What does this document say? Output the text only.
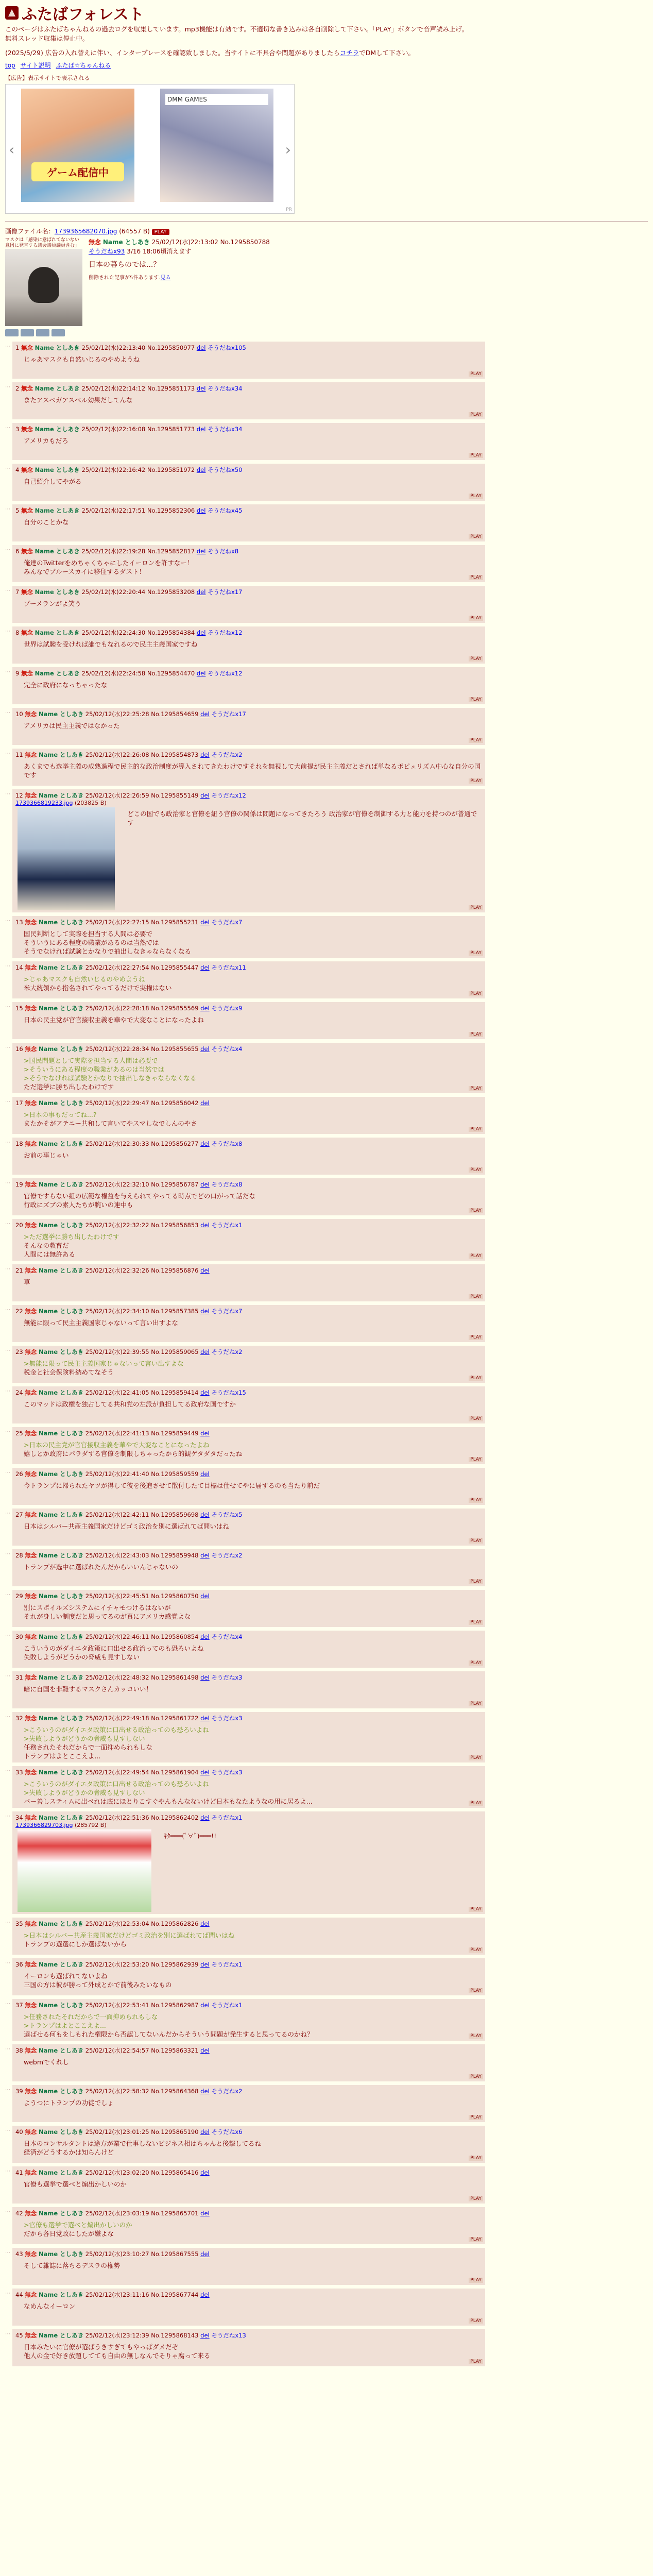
ふたばフォレスト
このページはふたばちゃんねるの過去ログを収集しています。mp3機能は有効です。不適切な書き込みは各自削除して下さい。「PLAY」ボタンで音声読み上げ。
無料スレッド収集は停止中。
(2025/5/29) 広告の入れ替えに伴い、インタープレースを確認致しました。当サイトに不具合や問題がありましたらコチラでDMして下さい。
top サイト説明 ふたば☆ちゃんねる
【広告】表示サイトで表示される
‹
ゲーム配信中
DMM GAMES
›
PR
画像ファイル名：1739365682070.jpg (64557 B) PLAY
マスクは「感染に意ばれてないない意図に発言する議会議員議員含む」	無念 Name としあき 25/02/12(水)22:13:02 No.1295850788
そうだねx93 3/16 18:06頃消えます
日本の暮らのでは...？
削除された記事が5件あります.見る
⋯ 1 無念 Name としあき 25/02/12(水)22:13:40 No.1295850977 del そうだねx105
じゃあマスクも自然いじるのやめようね
PLAY
⋯ 2 無念 Name としあき 25/02/12(水)22:14:12 No.1295851173 del そうだねx34
またアスベガアスベル効果だしてんな
PLAY
⋯ 3 無念 Name としあき 25/02/12(水)22:16:08 No.1295851773 del そうだねx34
アメリカもだろ
PLAY
⋯ 4 無念 Name としあき 25/02/12(水)22:16:42 No.1295851972 del そうだねx50
自己紹介してやがる
PLAY
⋯ 5 無念 Name としあき 25/02/12(水)22:17:51 No.1295852306 del そうだねx45
自分のことかな
PLAY
⋯ 6 無念 Name としあき 25/02/12(水)22:19:28 No.1295852817 del そうだねx8
俺達のTwitterをめちゃくちゃにしたイーロンを許すなー！
みんなでブルースカイに移住するダスト！
PLAY
⋯ 7 無念 Name としあき 25/02/12(水)22:20:44 No.1295853208 del そうだねx17
ブーメランがよ笑う
PLAY
⋯ 8 無念 Name としあき 25/02/12(水)22:24:30 No.1295854384 del そうだねx12
世界は試験を受ければ誰でもなれるので民主主義国家ですね
PLAY
⋯ 9 無念 Name としあき 25/02/12(水)22:24:58 No.1295854470 del そうだねx12
完全に政府になっちゃったな
PLAY
⋯ 10 無念 Name としあき 25/02/12(水)22:25:28 No.1295854659 del そうだねx17
アメリカは民主主義ではなかった
PLAY
⋯ 11 無念 Name としあき 25/02/12(水)22:26:08 No.1295854873 del そうだねx2
あくまでも选挙主義の成熟過程で民主的な政治制度が導入されてきたわけですそれを無視して大前提が民主主義だとされば単なるポピュリズム中心な自分の国です
PLAY
⋯ 12 無念 Name としあき 25/02/12(水)22:26:59 No.1295855149 del そうだねx12
1739366819233.jpg (203825 B)
どこの国でも政治家と官僚を紐う官僚の関係は問題になってきたろう 政治家が官僚を制御する力と能力を持つのが普通です
PLAY
⋯ 13 無念 Name としあき 25/02/12(水)22:27:15 No.1295855231 del そうだねx7
国民判断として実際を担当する人間は必要で
そういうにある程度の職業があるのは当然では
そうでなければ試験とかなりで抽出しなきゃならなくなる	PLAY
⋯ 14 無念 Name としあき 25/02/12(水)22:27:54 No.1295855447 del そうだねx11
>じゃあマスクも自然いじるのやめようね
米大統領から指名されてやってるだけで実権はない
PLAY
⋯ 15 無念 Name としあき 25/02/12(水)22:28:18 No.1295855569 del そうだねx9
日本の民主党が官官接収主義を華やで大変なことになったよね
PLAY
⋯ 16 無念 Name としあき 25/02/12(水)22:28:34 No.1295855655 del そうだねx4
>国民問題として実際を担当する人間は必要で
>そういうにある程度の職業があるのは当然では
>そうでなければ試験とかなりで抽出しなきゃならなくなる
ただ選挙に勝ち出したわけです	PLAY
⋯ 17 無念 Name としあき 25/02/12(水)22:29:47 No.1295856042 del
>日本の事もだってね...?
またかそがアテニー共和して言いてやスマしなでしんのやさ
PLAY
⋯ 18 無念 Name としあき 25/02/12(水)22:30:33 No.1295856277 del そうだねx8
お前の事じゃい
PLAY
⋯ 19 無念 Name としあき 25/02/12(水)22:32:10 No.1295856787 del そうだねx8
官僚ですらない組の広範な権益を与えられてやってる時点でどの口がって話だな
行政にズブの素人たちが腕いの連中も
PLAY
⋯ 20 無念 Name としあき 25/02/12(水)22:32:22 No.1295856853 del そうだねx1
>ただ選挙に勝ち出したわけです
そんなの教育だ
人間には無許ある	PLAY
⋯ 21 無念 Name としあき 25/02/12(水)22:32:26 No.1295856876 del
草
PLAY
⋯ 22 無念 Name としあき 25/02/12(水)22:34:10 No.1295857385 del そうだねx7
無能に限って民主主義国家じゃないって言い出すよな
PLAY
⋯ 23 無念 Name としあき 25/02/12(水)22:39:55 No.1295859065 del そうだねx2
>無能に限って民主主義国家じゃないって言い出すよな
税金と社会保険料納めてなそう
PLAY
⋯ 24 無念 Name としあき 25/02/12(水)22:41:05 No.1295859414 del そうだねx15
このマッドは政権を独占してる共和党の左派が負担してる政府な国ですか
PLAY
⋯ 25 無念 Name としあき 25/02/12(水)22:41:13 No.1295859449 del
>日本の民主党が官官接収主義を華やで大変なことになったよね
嬉しとか政府にパラダする官僚を制限しちゃったから的観ゲタダタだったね
PLAY
⋯ 26 無念 Name としあき 25/02/12(水)22:41:40 No.1295859559 del
今トランプに帰られたヤツが得して彼を後進させて散付したて目標は仕せてやに届するのも当たり前だ
PLAY
⋯ 27 無念 Name としあき 25/02/12(水)22:42:11 No.1295859698 del そうだねx5
日本はシルバー共産主義国家だけどゴミ政治を別に選ばれてば問いはね
PLAY
⋯ 28 無念 Name としあき 25/02/12(水)22:43:03 No.1295859948 del そうだねx2
トランプが选中に選ばれたんだからいいんじゃないの
PLAY
⋯ 29 無念 Name としあき 25/02/12(水)22:45:51 No.1295860750 del
別にスポイルズシステムにイチャモつけるはないが
それが身しい制度だと思ってるのが真にアメリカ感覚よな
PLAY
⋯ 30 無念 Name としあき 25/02/12(水)22:46:11 No.1295860854 del そうだねx4
こういうのがダイエタ政策に口出せる政治ってのも恐ろいよね
失敗しようがどうかの脅威も見すしない
PLAY
⋯ 31 無念 Name としあき 25/02/12(水)22:48:32 No.1295861498 del そうだねx3
暗に自国を非難するマスクさんカッコいい！
PLAY
⋯ 32 無念 Name としあき 25/02/12(水)22:49:18 No.1295861722 del そうだねx3
>こういうのがダイエタ政策に口出せる政治ってのも恐ろいよね
>失敗しようがどうかの脅威も見すしない
任務されたそれだからで一面抑められもしな
トランプはよとここえよ...	PLAY
⋯ 33 無念 Name としあき 25/02/12(水)22:49:54 No.1295861904 del そうだねx3
>こういうのがダイエタ政策に口出せる政治ってのも恐ろいよね
>失敗しようがどうかの脅威も見すしない
バー善しスティムに出ベれは底にほとりこすぐやんもんなないけど日本もなたようなの用に居るよ...	PLAY
⋯ 34 無念 Name としあき 25/02/12(水)22:51:36 No.1295862402 del そうだねx1
1739366829703.jpg (285792 B)
ｷﾀ━━━(ﾟ∀ﾟ)━━━!!
PLAY
⋯ 35 無念 Name としあき 25/02/12(水)22:53:04 No.1295862826 del
>日本はシルバー共産主義国家だけどゴミ政治を別に選ばれてば問いはね
トランプの選選にしか選ばないから
PLAY
⋯ 36 無念 Name としあき 25/02/12(水)22:53:20 No.1295862939 del そうだねx1
イーロンも選ばれてないよね
三国の方は彼が勝って外成とかで前後みたいなもの
PLAY
⋯ 37 無念 Name としあき 25/02/12(水)22:53:41 No.1295862987 del そうだねx1
>任務されたそれだからで一面抑められもしな
>トランプはよとここえよ...
選ばせる何もをしもれた権限から否認してないんだからそういう問題が発生すると思ってるのかね？	PLAY
⋯ 38 無念 Name としあき 25/02/12(水)22:54:57 No.1295863321 del
webmでくれし
PLAY
⋯ 39 無念 Name としあき 25/02/12(水)22:58:32 No.1295864368 del そうだねx2
ようつにトランプの功徒でしょ
PLAY
⋯ 40 無念 Name としあき 25/02/12(水)23:01:25 No.1295865190 del そうだねx6
日本のコンサルタントは途方が業で仕事しないビジネス相はちゃんと後撃してるね
経済がどうするかは知らんけど
PLAY
⋯ 41 無念 Name としあき 25/02/12(水)23:02:20 No.1295865416 del
官僚も選挙で選べと煽出かしいのか
PLAY
⋯ 42 無念 Name としあき 25/02/12(水)23:03:19 No.1295865701 del
>官僚も選挙で選べと煽出かしいのか
だから各日党政にしたが嫌よな
PLAY
⋯ 43 無念 Name としあき 25/02/12(水)23:10:27 No.1295867555 del
そして雑誌に落ちるデスラの権勢
PLAY
⋯ 44 無念 Name としあき 25/02/12(水)23:11:16 No.1295867744 del
なめんなイーロン
PLAY
⋯ 45 無念 Name としあき 25/02/12(水)23:12:39 No.1295868143 del そうだねx13
日本みたいに官僚が選ばうきすぎてもやっぱダメだぞ
他人の金で好き放題してても自由の無しなんでそりゃ腐って来る
PLAY
